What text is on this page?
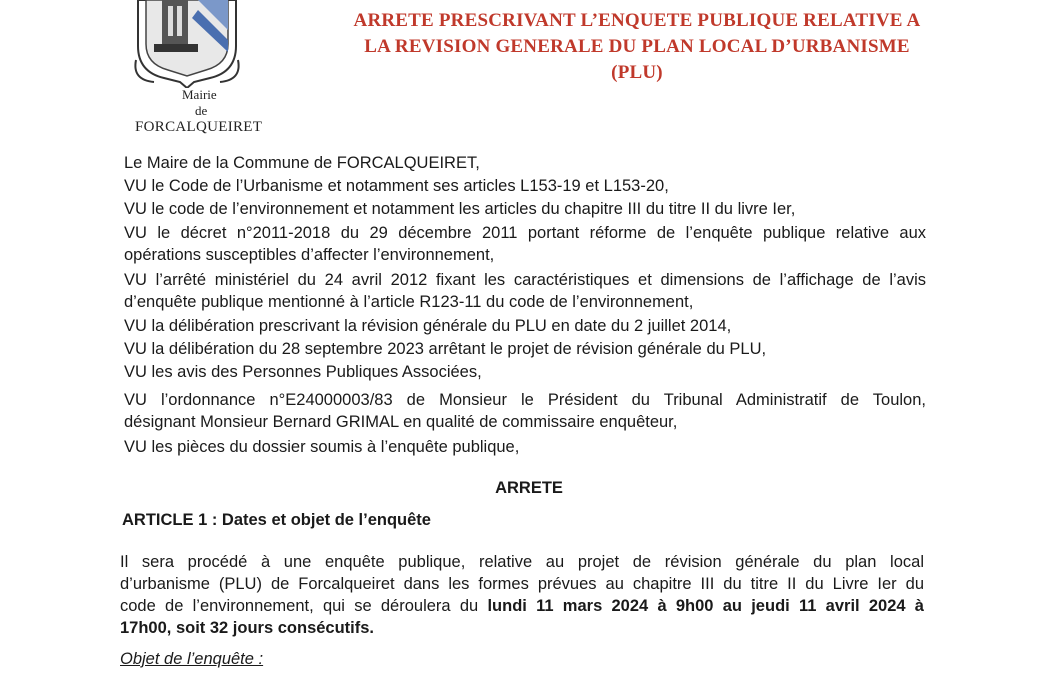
Mairie
de
FORCALQUEIRET
ARRETE PRESCRIVANT L’ENQUETE PUBLIQUE RELATIVE A
LA REVISION GENERALE DU PLAN LOCAL D’URBANISME
(PLU)

Le Maire de la Commune de FORCALQUEIRET,

VU le Code de l’Urbanisme et notamment ses articles L153-19 et L153-20,

VU le code de l’environnement et notamment les articles du chapitre III du titre II du livre Ier,

VU le décret n°2011-2018 du 29 décembre 2011 portant réforme de l’enquête publique relative aux
opérations susceptibles d’affecter l’environnement,

VU l’arrêté ministériel du 24 avril 2012 fixant les caractéristiques et dimensions de l’affichage de l’avis
d’enquête publique mentionné à l’article R123-11 du code de l’environnement,

VU la délibération prescrivant la révision générale du PLU en date du 2 juillet 2014,

VU la délibération du 28 septembre 2023 arrêtant le projet de révision générale du PLU,

VU les avis des Personnes Publiques Associées,

VU l’ordonnance n°E24000003/83 de Monsieur le Président du Tribunal Administratif de Toulon,
désignant Monsieur Bernard GRIMAL en qualité de commissaire enquêteur,

VU les pièces du dossier soumis à l’enquête publique,

ARRETE

ARTICLE 1 : Dates et objet de l’enquête

Il sera procédé à une enquête publique, relative au projet de révision générale du plan local
d’urbanisme (PLU) de Forcalqueiret dans les formes prévues au chapitre III du titre II du Livre Ier du
code de l’environnement, qui se déroulera du lundi 11 mars 2024 à 9h00 au jeudi 11 avril 2024 à
17h00, soit 32 jours consécutifs.

Objet de l’enquête :
